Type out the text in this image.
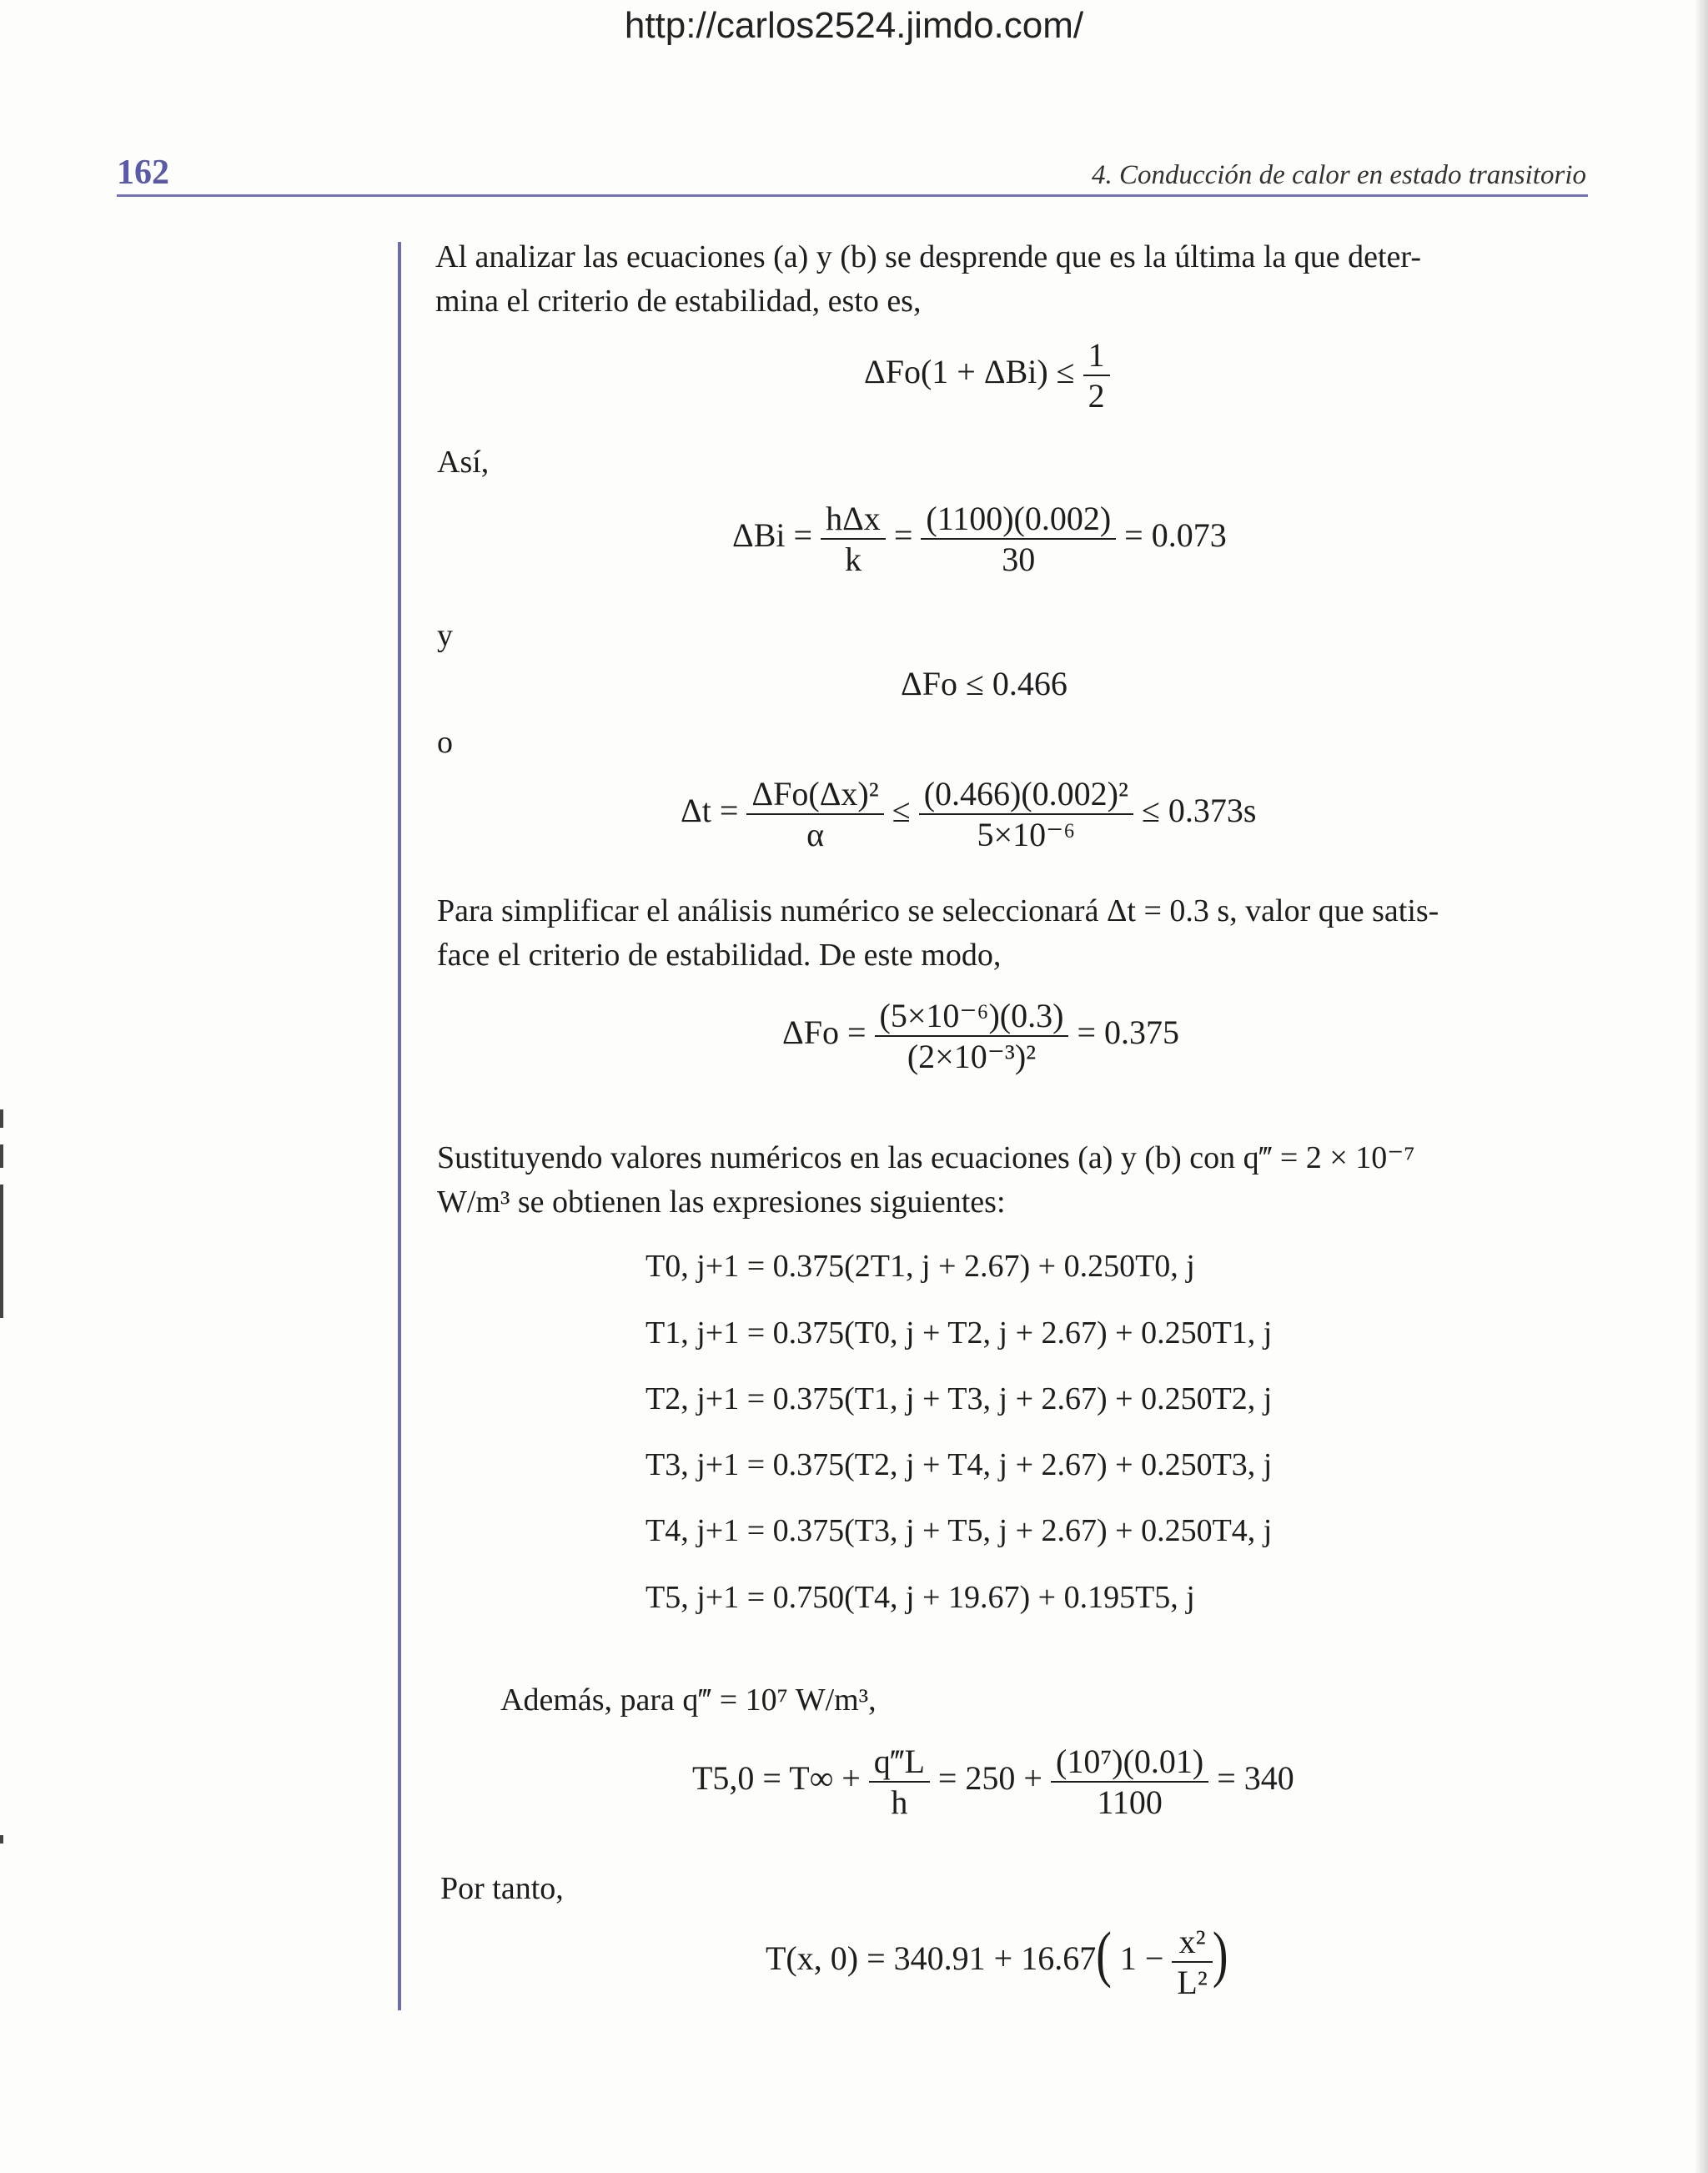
http://carlos2524.jimdo.com/
162	4. Conducción de calor en estado transitorio
Al analizar las ecuaciones (a) y (b) se desprende que es la última la que deter-
mina el criterio de estabilidad, esto es,
$\Delta Fo(1 + \Delta Bi) \le \frac{1}{2}$
Así,
$\Delta Bi = \frac{\text{hΔx}}{k} = \frac{(1100)(0.002)}{30} = 0.073$
y
ΔFo ≤ 0.466
o
$\Delta t = \frac{\text{ΔFo(Δx)²}}{\alpha} \le \frac{\text{(0.466)(0.002)²}}{\text{5×10⁻⁶}} \le 0.373s$
Para simplificar el análisis numérico se seleccionará Δt = 0.3 s, valor que satis-
face el criterio de estabilidad. De este modo,
$\Delta Fo = \frac{\text{(5×10⁻⁶)(0.3)}}{\text{(2×10⁻³)²}} = 0.375$
Sustituyendo valores numéricos en las ecuaciones (a) y (b) con q‴ = 2 × 10⁻⁷
W/m³ se obtienen las expresiones siguientes:
T0, j+1 = 0.375(2T1, j + 2.67) + 0.250T0, j
T1, j+1 = 0.375(T0, j + T2, j + 2.67) + 0.250T1, j
T2, j+1 = 0.375(T1, j + T3, j + 2.67) + 0.250T2, j
T3, j+1 = 0.375(T2, j + T4, j + 2.67) + 0.250T3, j
T4, j+1 = 0.375(T3, j + T5, j + 2.67) + 0.250T4, j
T5, j+1 = 0.750(T4, j + 19.67) + 0.195T5, j
Además, para q‴ = 10⁷ W/m³,
$T5,0 = T\infty + \frac{q‴L}{h} = 250 + \frac{\text{(10⁷)(0.01)}}{1100} = 340$
Por tanto,
T(x, 0) = 340.91 + 16.67( $1 - \frac{\text{x²}}{\text{L²}}$ )
